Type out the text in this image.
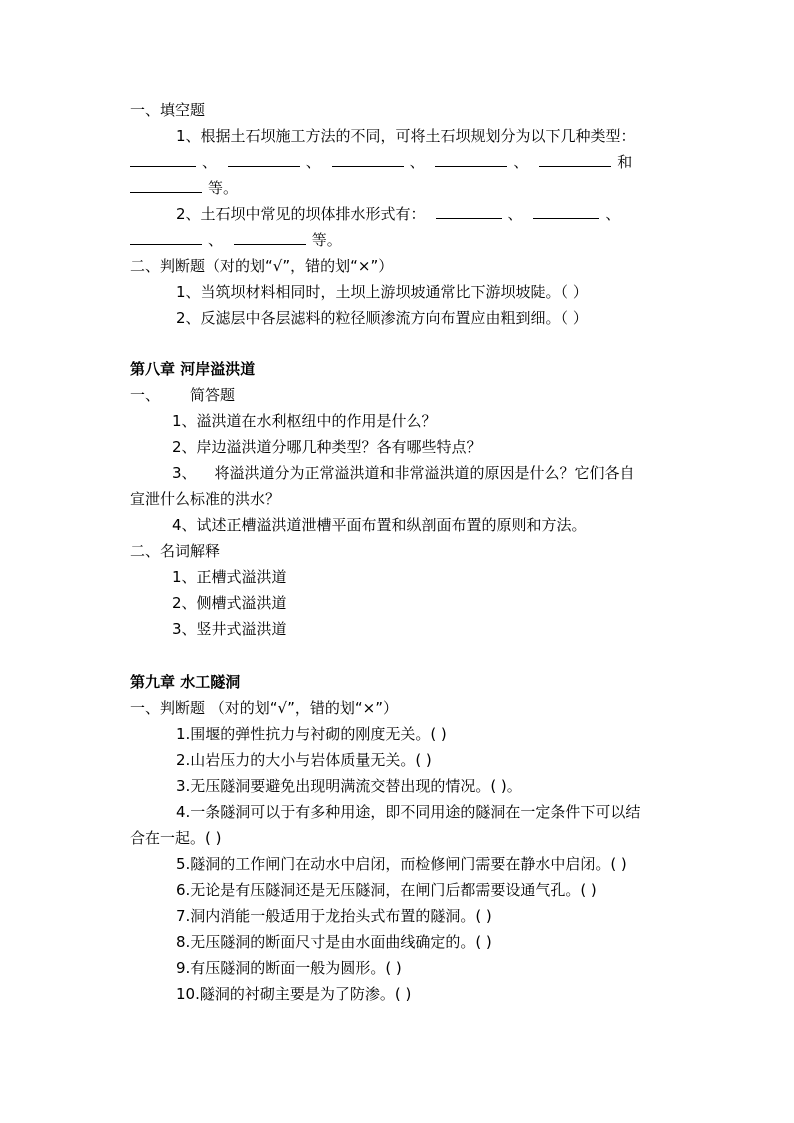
一、填空题
1、根据土石坝施工方法的不同，可将土石坝规划分为以下几种类型：
、	、	、	、	和
等。
2、土石坝中常见的坝体排水形式有：	、	、
、	等。
二、判断题（对的划“√”，错的划“×”）
1、当筑坝材料相同时，土坝上游坝坡通常比下游坝坡陡。（ ）
2、反滤层中各层滤料的粒径顺渗流方向布置应由粗到细。（ ）
第八章 河岸溢洪道
一、 简答题
1、溢洪道在水利枢纽中的作用是什么？
2、岸边溢洪道分哪几种类型？各有哪些特点？
3、 将溢洪道分为正常溢洪道和非常溢洪道的原因是什么？它们各自
宣泄什么标准的洪水？
4、试述正槽溢洪道泄槽平面布置和纵剖面布置的原则和方法。
二、名词解释
1、正槽式溢洪道
2、侧槽式溢洪道
3、竖井式溢洪道
第九章 水工隧洞
一、判断题 （对的划“√”，错的划“×”）
1.围堰的弹性抗力与衬砌的刚度无关。( )
2.山岩压力的大小与岩体质量无关。( )
3.无压隧洞要避免出现明满流交替出现的情况。( )。
4.一条隧洞可以于有多种用途，即不同用途的隧洞在一定条件下可以结
合在一起。( )
5.隧洞的工作闸门在动水中启闭，而检修闸门需要在静水中启闭。( )
6.无论是有压隧洞还是无压隧洞，在闸门后都需要设通气孔。( )
7.洞内消能一般适用于龙抬头式布置的隧洞。( )
8.无压隧洞的断面尺寸是由水面曲线确定的。( )
9.有压隧洞的断面一般为圆形。( )
10.隧洞的衬砌主要是为了防渗。( )
